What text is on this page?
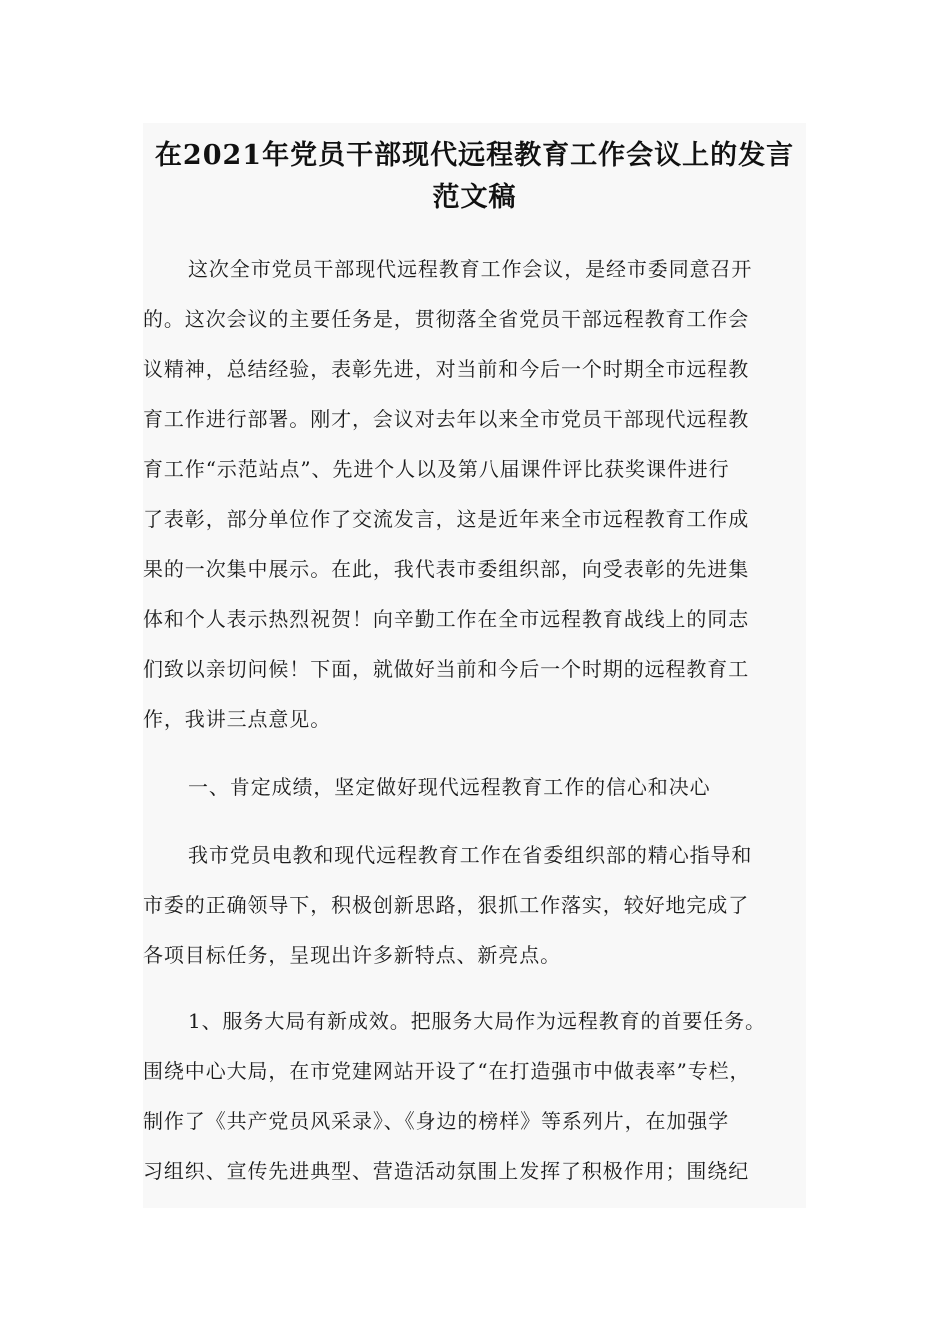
在2021年党员干部现代远程教育工作会议上的发言
范文稿
这次全市党员干部现代远程教育工作会议，是经市委同意召开
的。这次会议的主要任务是，贯彻落全省党员干部远程教育工作会
议精神，总结经验，表彰先进，对当前和今后一个时期全市远程教
育工作进行部署。刚才，会议对去年以来全市党员干部现代远程教
育工作“示范站点”、先进个人以及第八届课件评比获奖课件进行
了表彰，部分单位作了交流发言，这是近年来全市远程教育工作成
果的一次集中展示。在此，我代表市委组织部，向受表彰的先进集
体和个人表示热烈祝贺！向辛勤工作在全市远程教育战线上的同志
们致以亲切问候！下面，就做好当前和今后一个时期的远程教育工
作，我讲三点意见。
一、肯定成绩，坚定做好现代远程教育工作的信心和决心
我市党员电教和现代远程教育工作在省委组织部的精心指导和
市委的正确领导下，积极创新思路，狠抓工作落实，较好地完成了
各项目标任务，呈现出许多新特点、新亮点。
1、服务大局有新成效。把服务大局作为远程教育的首要任务。
围绕中心大局，在市党建网站开设了“在打造强市中做表率”专栏，
制作了《共产党员风采录》、《身边的榜样》等系列片，在加强学
习组织、宣传先进典型、营造活动氛围上发挥了积极作用；围绕纪
